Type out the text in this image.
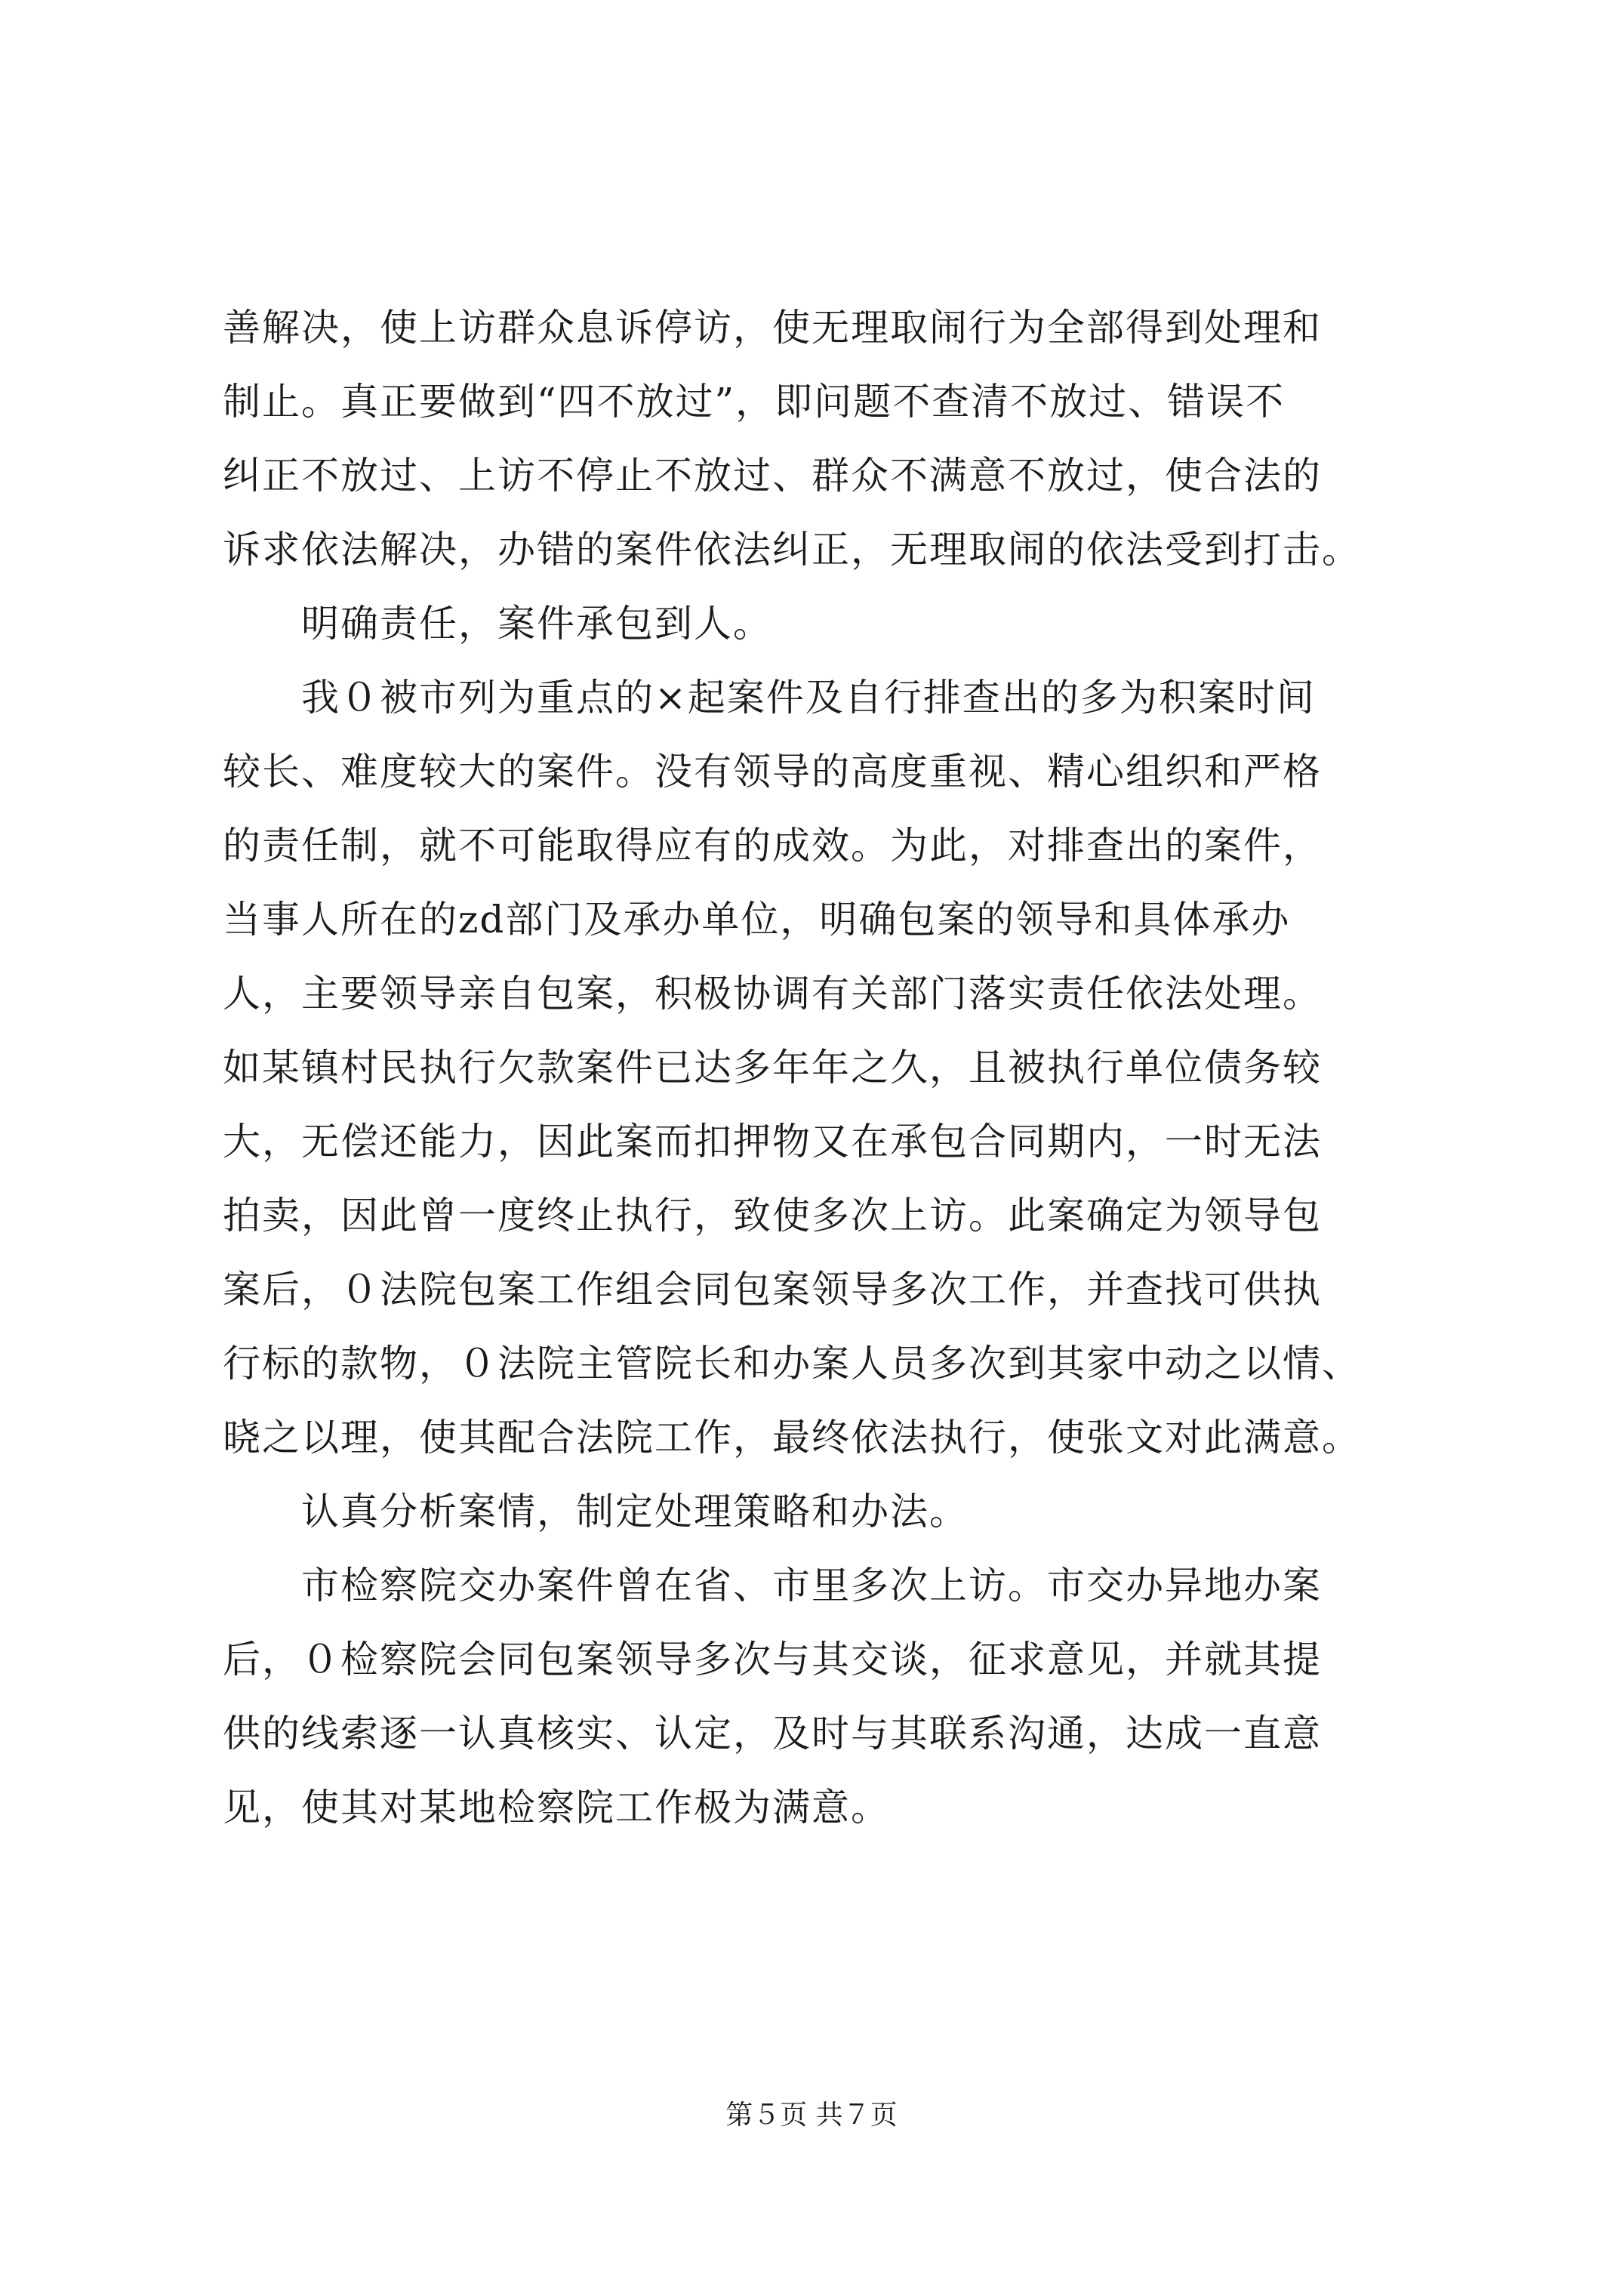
善解决，使上访群众息诉停访，使无理取闹行为全部得到处理和
制止。真正要做到“四不放过”，即问题不查清不放过、错误不
纠正不放过、上访不停止不放过、群众不满意不放过，使合法的
诉求依法解决，办错的案件依法纠正，无理取闹的依法受到打击。
明确责任，案件承包到人。
我０被市列为重点的×起案件及自行排查出的多为积案时间
较长、难度较大的案件。没有领导的高度重视、精心组织和严格
的责任制，就不可能取得应有的成效。为此，对排查出的案件，
当事人所在的zd部门及承办单位，明确包案的领导和具体承办
人，主要领导亲自包案，积极协调有关部门落实责任依法处理。
如某镇村民执行欠款案件已达多年年之久，且被执行单位债务较
大，无偿还能力，因此案而扣押物又在承包合同期内，一时无法
拍卖，因此曾一度终止执行，致使多次上访。此案确定为领导包
案后，０法院包案工作组会同包案领导多次工作，并查找可供执
行标的款物，０法院主管院长和办案人员多次到其家中动之以情、
晓之以理，使其配合法院工作，最终依法执行，使张文对此满意。
认真分析案情，制定处理策略和办法。
市检察院交办案件曾在省、市里多次上访。市交办异地办案
后，０检察院会同包案领导多次与其交谈，征求意见，并就其提
供的线索逐一认真核实、认定，及时与其联系沟通，达成一直意
见，使其对某地检察院工作极为满意。
第５页 共７页
